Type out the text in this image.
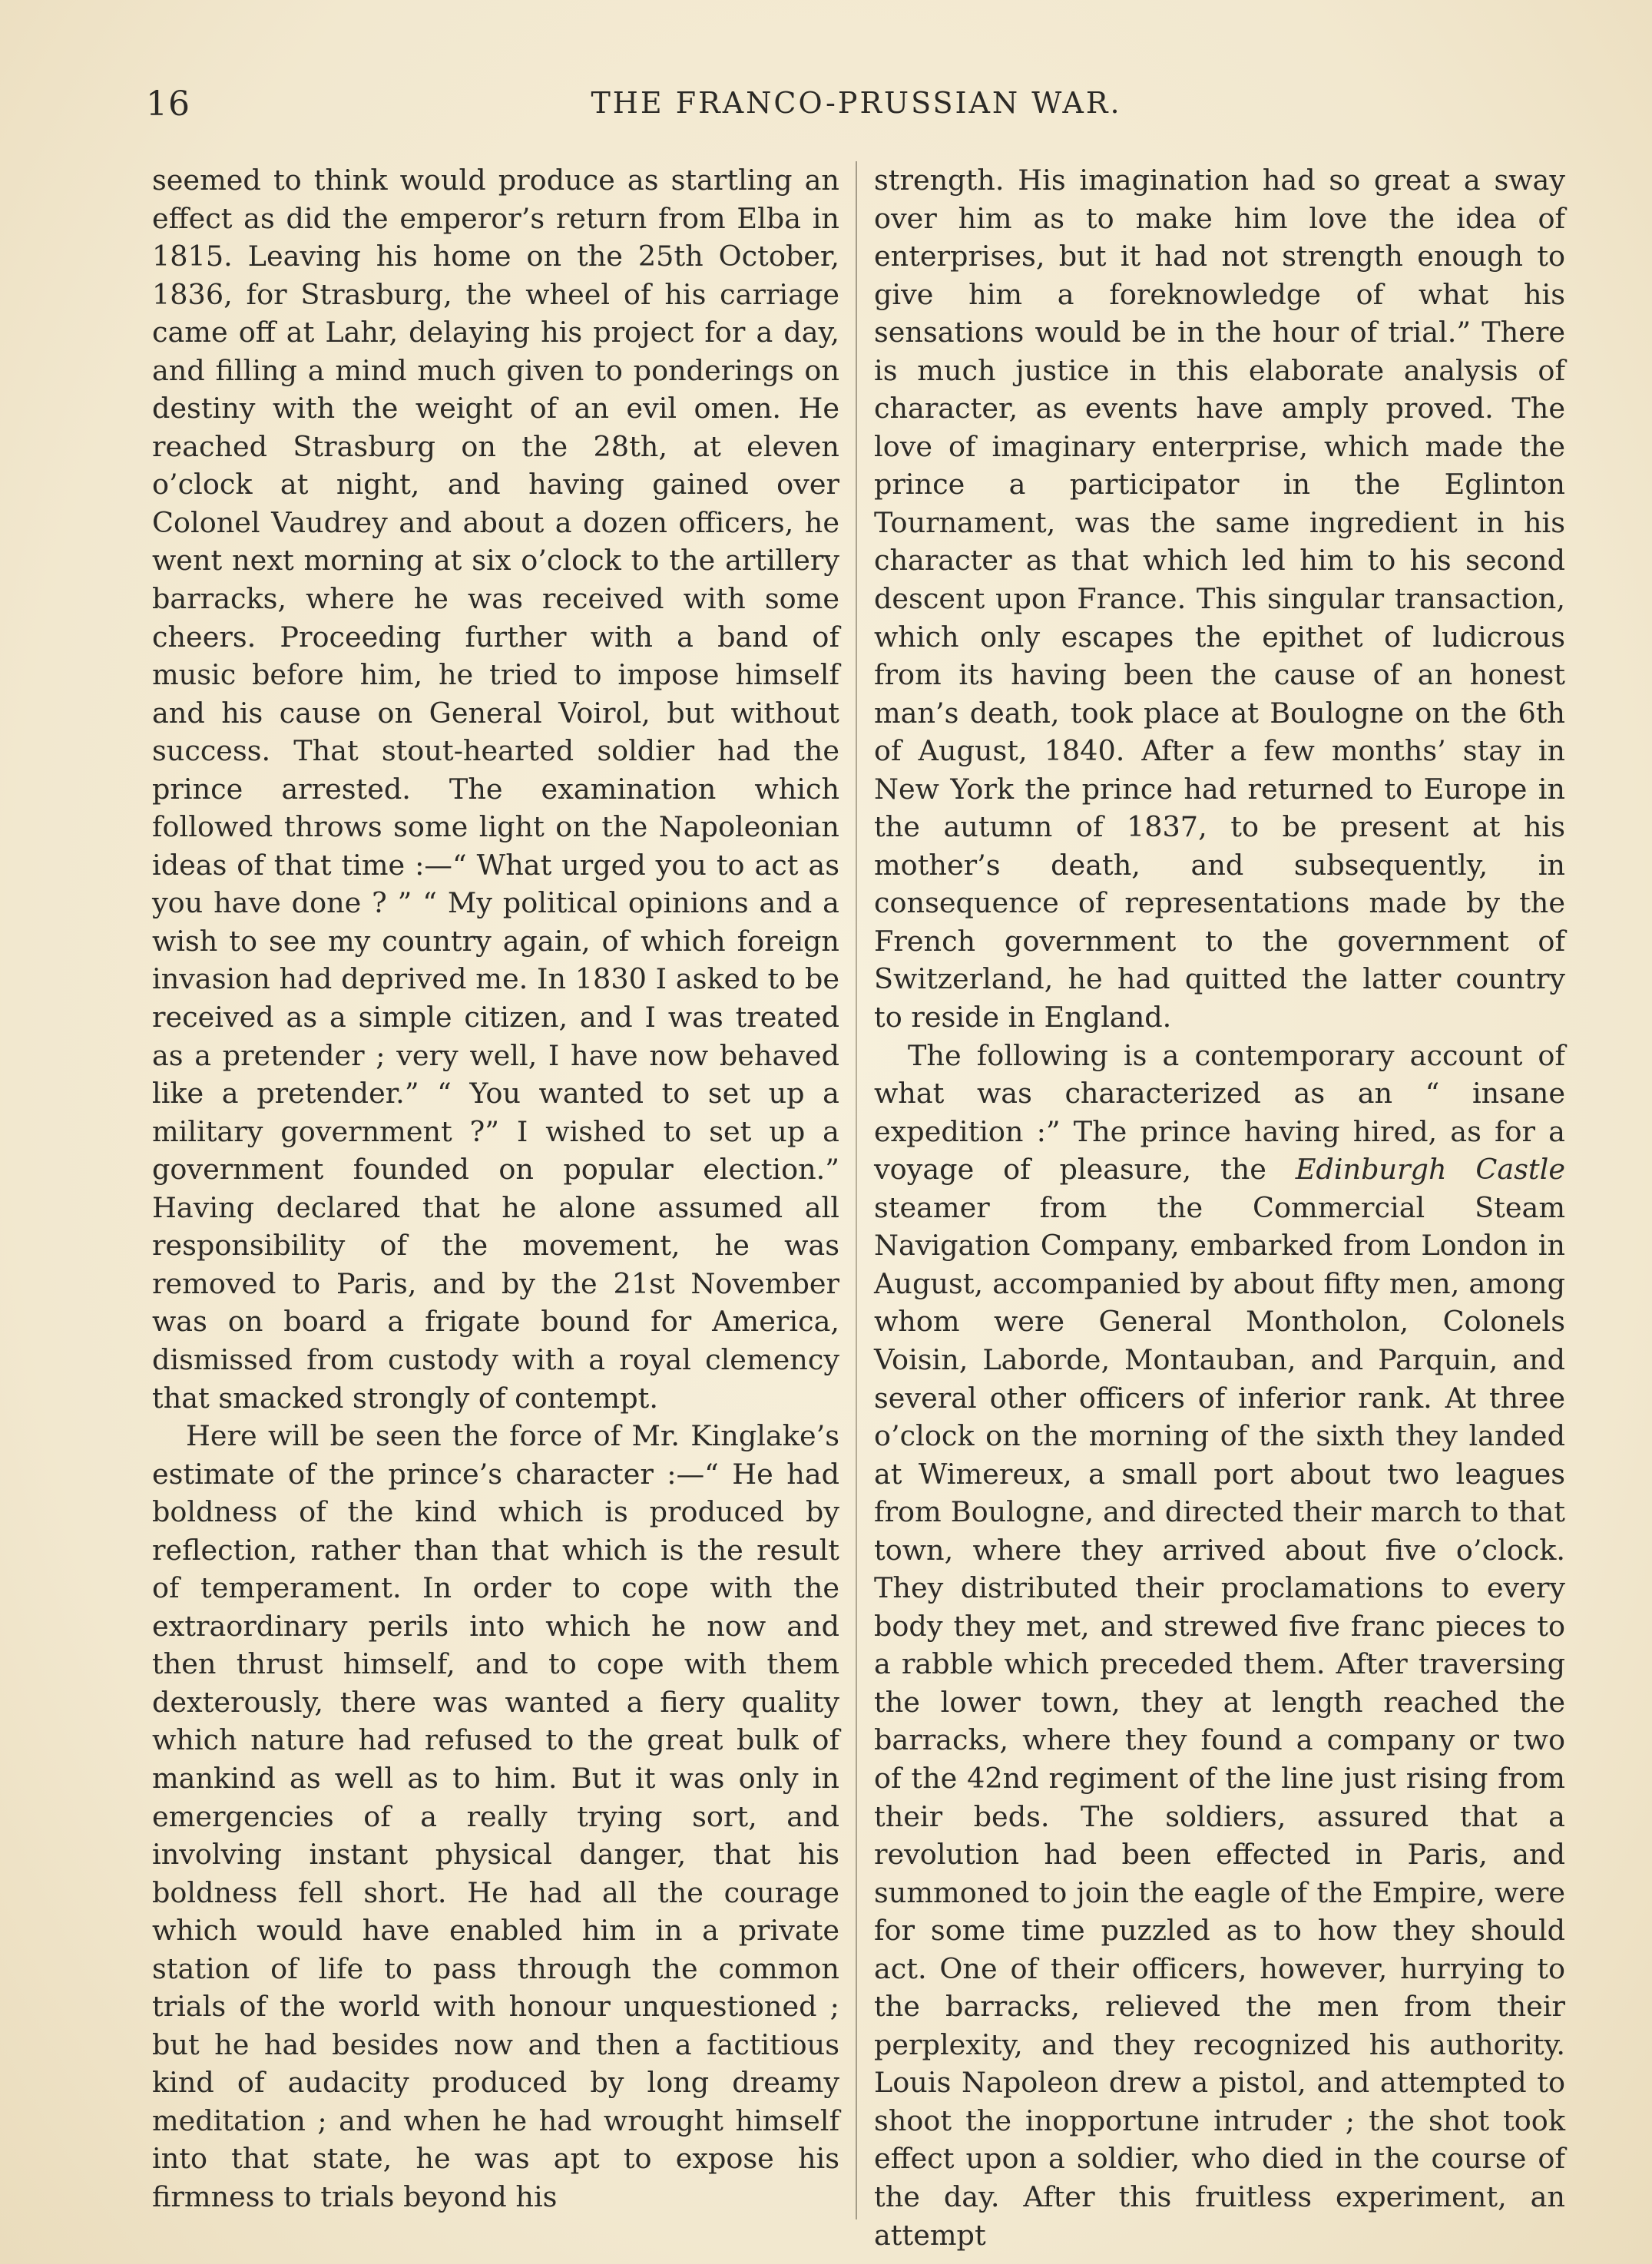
16	THE FRANCO-PRUSSIAN WAR.

seemed to think would produce as startling an effect as did the emperor’s return from Elba in 1815. Leaving his home on the 25th October, 1836, for Strasburg, the wheel of his carriage came off at Lahr, delaying his project for a day, and filling a mind much given to ponderings on destiny with the weight of an evil omen. He reached Strasburg on the 28th, at eleven o’clock at night, and having gained over Colonel Vaudrey and about a dozen officers, he went next morning at six o’clock to the artillery barracks, where he was received with some cheers. Proceeding further with a band of music before him, he tried to impose himself and his cause on General Voirol, but without success. That stout-hearted soldier had the prince arrested. The examination which followed throws some light on the Napoleonian ideas of that time :—“ What urged you to act as you have done ? ” “ My political opinions and a wish to see my country again, of which foreign invasion had deprived me. In 1830 I asked to be received as a simple citizen, and I was treated as a pretender ; very well, I have now behaved like a pretender.” “ You wanted to set up a military government ?” I wished to set up a government founded on popular election.” Having declared that he alone assumed all responsibility of the movement, he was removed to Paris, and by the 21st November was on board a frigate bound for America, dismissed from custody with a royal clemency that smacked strongly of contempt.

Here will be seen the force of Mr. Kinglake’s estimate of the prince’s character :—“ He had boldness of the kind which is produced by reflection, rather than that which is the result of temperament. In order to cope with the extraordinary perils into which he now and then thrust himself, and to cope with them dexterously, there was wanted a fiery quality which nature had refused to the great bulk of mankind as well as to him. But it was only in emergencies of a really trying sort, and involving instant physical danger, that his boldness fell short. He had all the courage which would have enabled him in a private station of life to pass through the common trials of the world with honour unquestioned ; but he had besides now and then a factitious kind of audacity produced by long dreamy meditation ; and when he had wrought himself into that state, he was apt to expose his firmness to trials beyond his

strength. His imagination had so great a sway over him as to make him love the idea of enterprises, but it had not strength enough to give him a foreknowledge of what his sensations would be in the hour of trial.” There is much justice in this elaborate analysis of character, as events have amply proved. The love of imaginary enterprise, which made the prince a participator in the Eglinton Tournament, was the same ingredient in his character as that which led him to his second descent upon France. This singular transaction, which only escapes the epithet of ludicrous from its having been the cause of an honest man’s death, took place at Boulogne on the 6th of August, 1840. After a few months’ stay in New York the prince had returned to Europe in the autumn of 1837, to be present at his mother’s death, and subsequently, in consequence of representations made by the French government to the government of Switzerland, he had quitted the latter country to reside in England.

The following is a contemporary account of what was characterized as an “ insane expedition :” The prince having hired, as for a voyage of pleasure, the Edinburgh Castle steamer from the Commercial Steam Navigation Company, embarked from London in August, accompanied by about fifty men, among whom were General Montholon, Colonels Voisin, Laborde, Montauban, and Parquin, and several other officers of inferior rank. At three o’clock on the morning of the sixth they landed at Wimereux, a small port about two leagues from Boulogne, and directed their march to that town, where they arrived about five o’clock. They distributed their proclamations to every body they met, and strewed five franc pieces to a rabble which preceded them. After traversing the lower town, they at length reached the barracks, where they found a company or two of the 42nd regiment of the line just rising from their beds. The soldiers, assured that a revolution had been effected in Paris, and summoned to join the eagle of the Empire, were for some time puzzled as to how they should act. One of their officers, however, hurrying to the barracks, relieved the men from their perplexity, and they recognized his authority. Louis Napoleon drew a pistol, and attempted to shoot the inopportune intruder ; the shot took effect upon a soldier, who died in the course of the day. After this fruitless experiment, an attempt
